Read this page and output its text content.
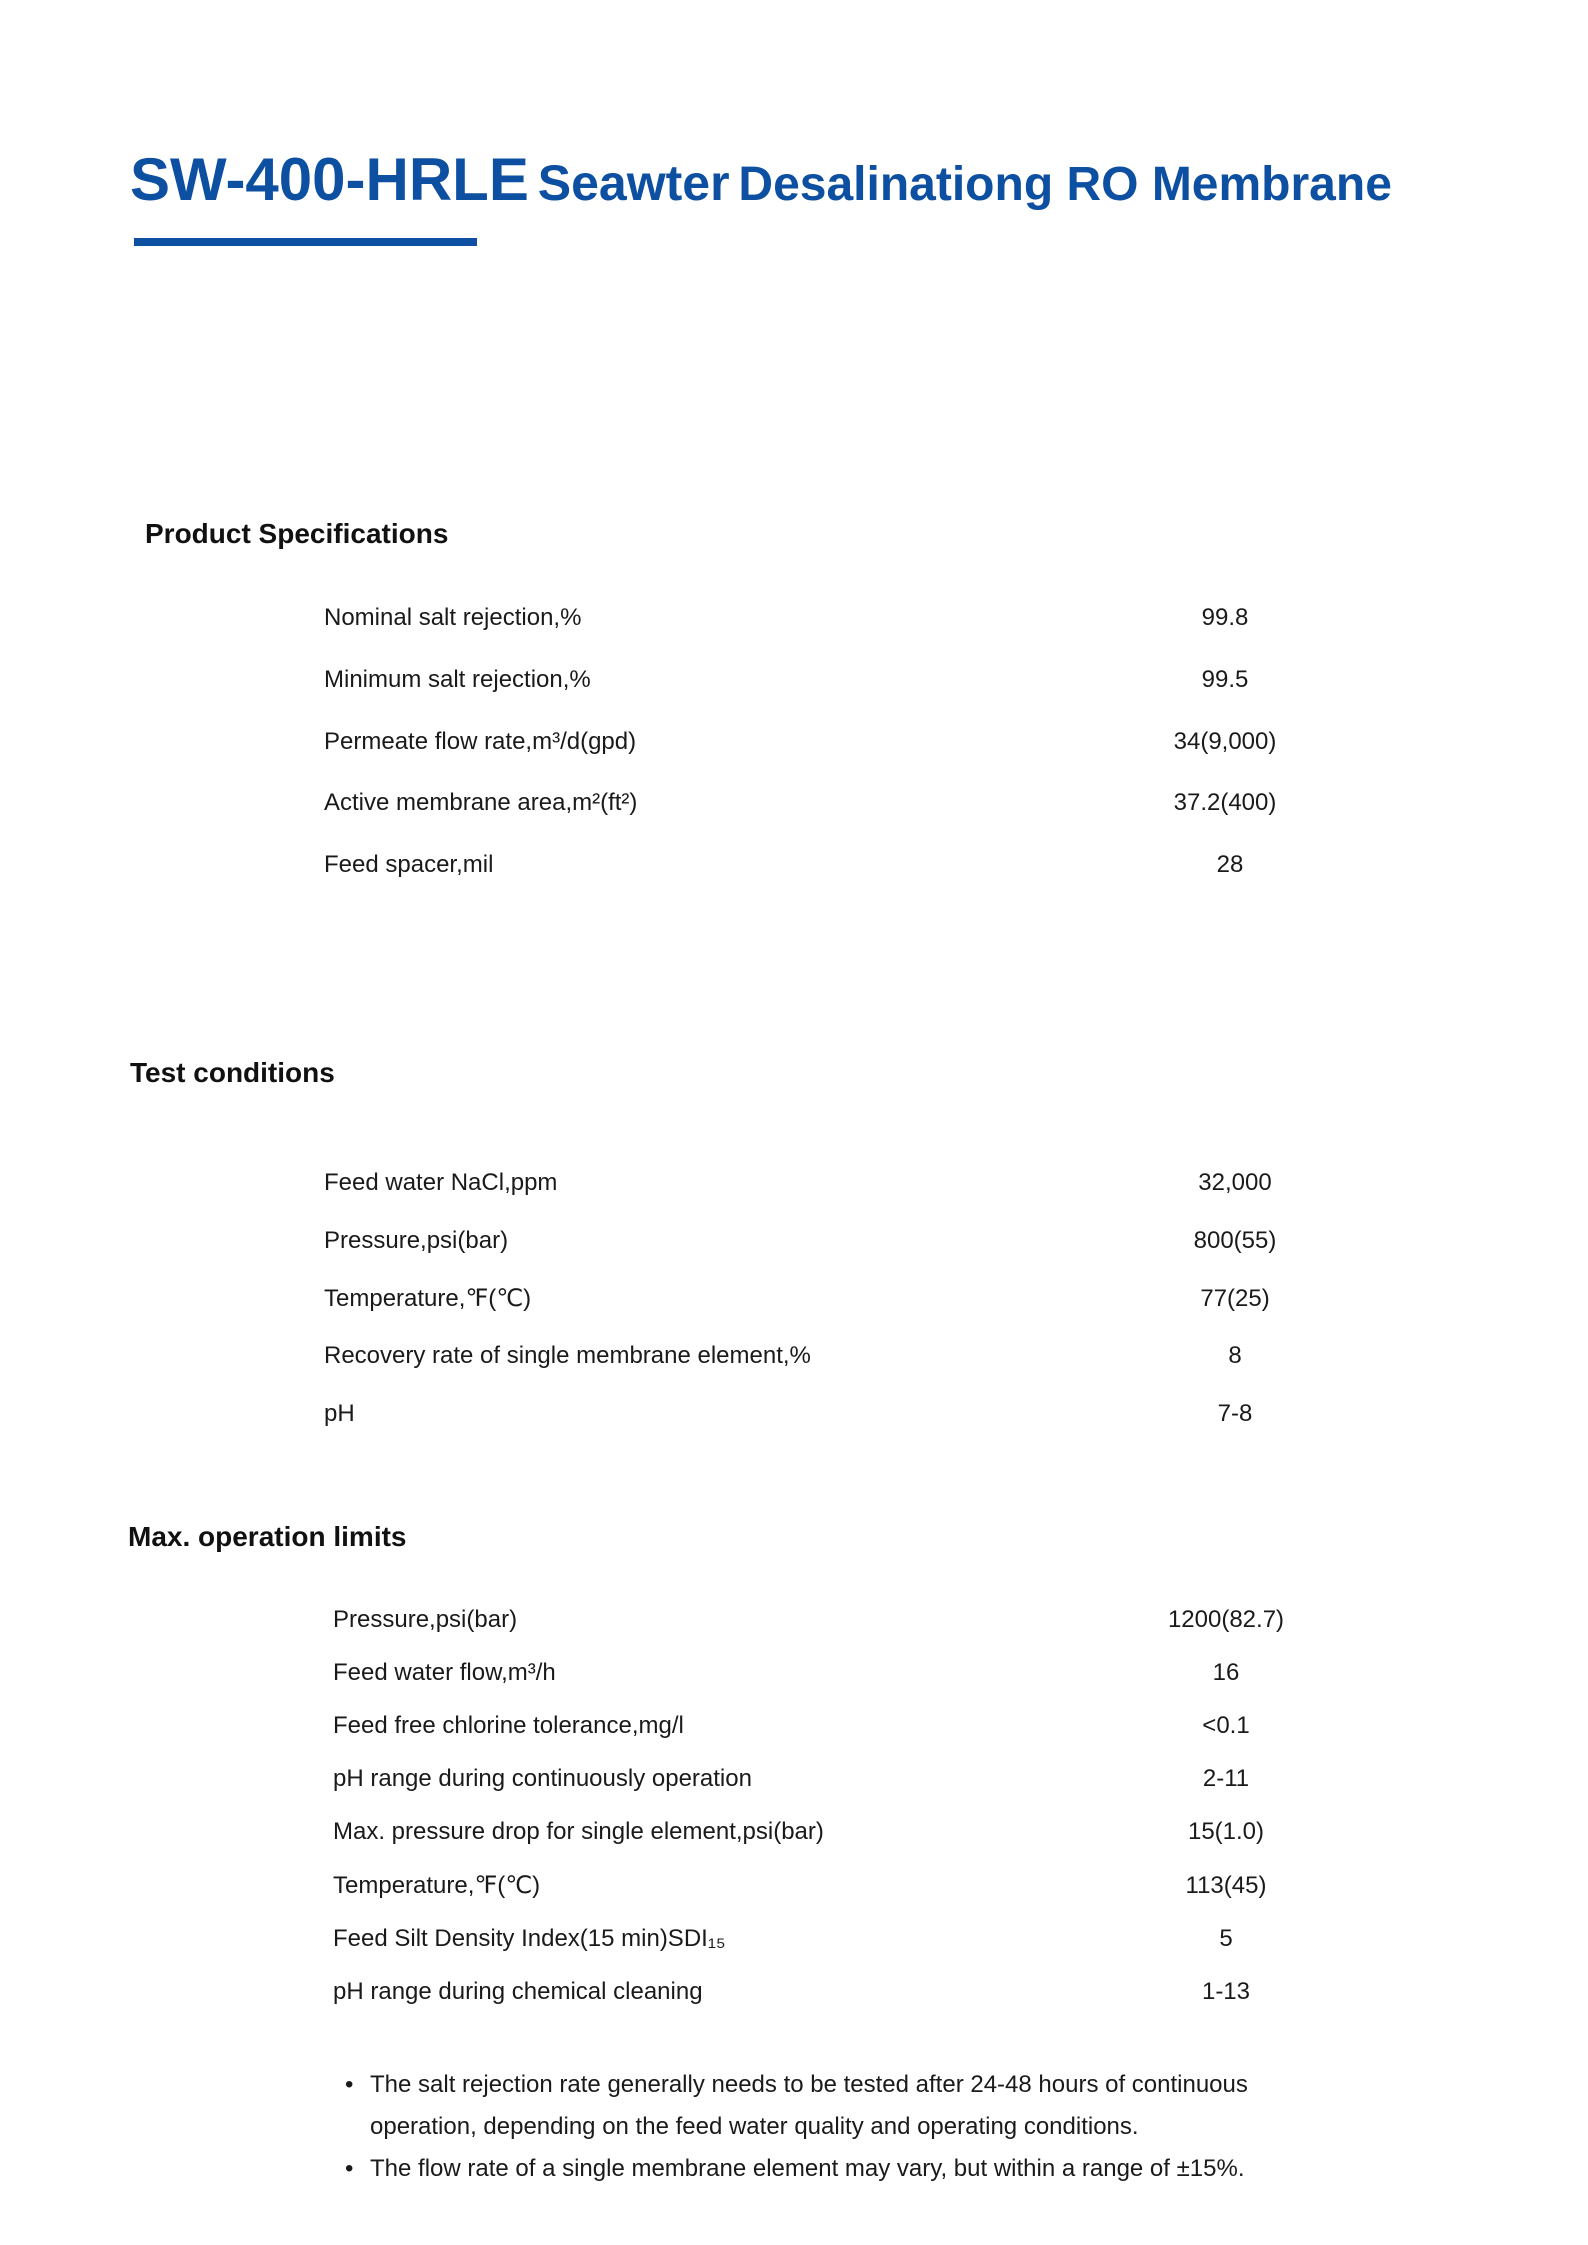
SW-400-HRLE Seawter Desalinationg RO Membrane
Product Specifications
Nominal salt rejection,%	99.8
Minimum salt rejection,%	99.5
Permeate flow rate,m³/d(gpd)	34(9,000)
Active membrane area,m²(ft²)	37.2(400)
Feed spacer,mil	28
Test conditions
Feed water NaCl,ppm	32,000
Pressure,psi(bar)	800(55)
Temperature,℉(℃)	77(25)
Recovery rate of single membrane element,%	8
pH	7-8
Max. operation limits
Pressure,psi(bar)	1200(82.7)
Feed water flow,m³/h	16
Feed free chlorine tolerance,mg/l	<0.1
pH range during continuously operation	2-11
Max. pressure drop for single element,psi(bar)	15(1.0)
Temperature,℉(℃)	113(45)
Feed Silt Density Index(15 min)SDI₁₅	5
pH range during chemical cleaning	1-13
• The salt rejection rate generally needs to be tested after 24-48 hours of continuous operation, depending on the feed water quality and operating conditions.
• The flow rate of a single membrane element may vary, but within a range of ±15%.
